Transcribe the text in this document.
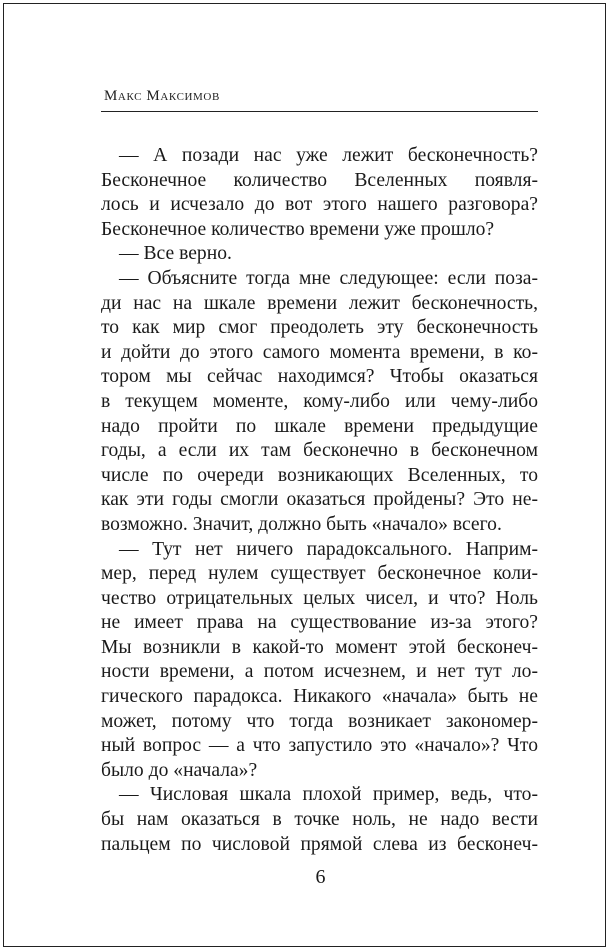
Макс Максимов
— А позади нас уже лежит бесконечность?
Бесконечное количество Вселенных появля-
лось и исчезало до вот этого нашего разговора?
Бесконечное количество времени уже прошло?
— Все верно.
— Объясните тогда мне следующее: если поза-
ди нас на шкале времени лежит бесконечность,
то как мир смог преодолеть эту бесконечность
и дойти до этого самого момента времени, в ко-
тором мы сейчас находимся? Чтобы оказаться
в текущем моменте, кому-либо или чему-либо
надо пройти по шкале времени предыдущие
годы, а если их там бесконечно в бесконечном
числе по очереди возникающих Вселенных, то
как эти годы смогли оказаться пройдены? Это не-
возможно. Значит, должно быть «начало» всего.
— Тут нет ничего парадоксального. Наприм-
мер, перед нулем существует бесконечное коли-
чество отрицательных целых чисел, и что? Ноль
не имеет права на существование из-за этого?
Мы возникли в какой-то момент этой бесконеч-
ности времени, а потом исчезнем, и нет тут ло-
гического парадокса. Никакого «начала» быть не
может, потому что тогда возникает закономер-
ный вопрос — а что запустило это «начало»? Что
было до «начала»?
— Числовая шкала плохой пример, ведь, что-
бы нам оказаться в точке ноль, не надо вести
пальцем по числовой прямой слева из бесконеч-
6
